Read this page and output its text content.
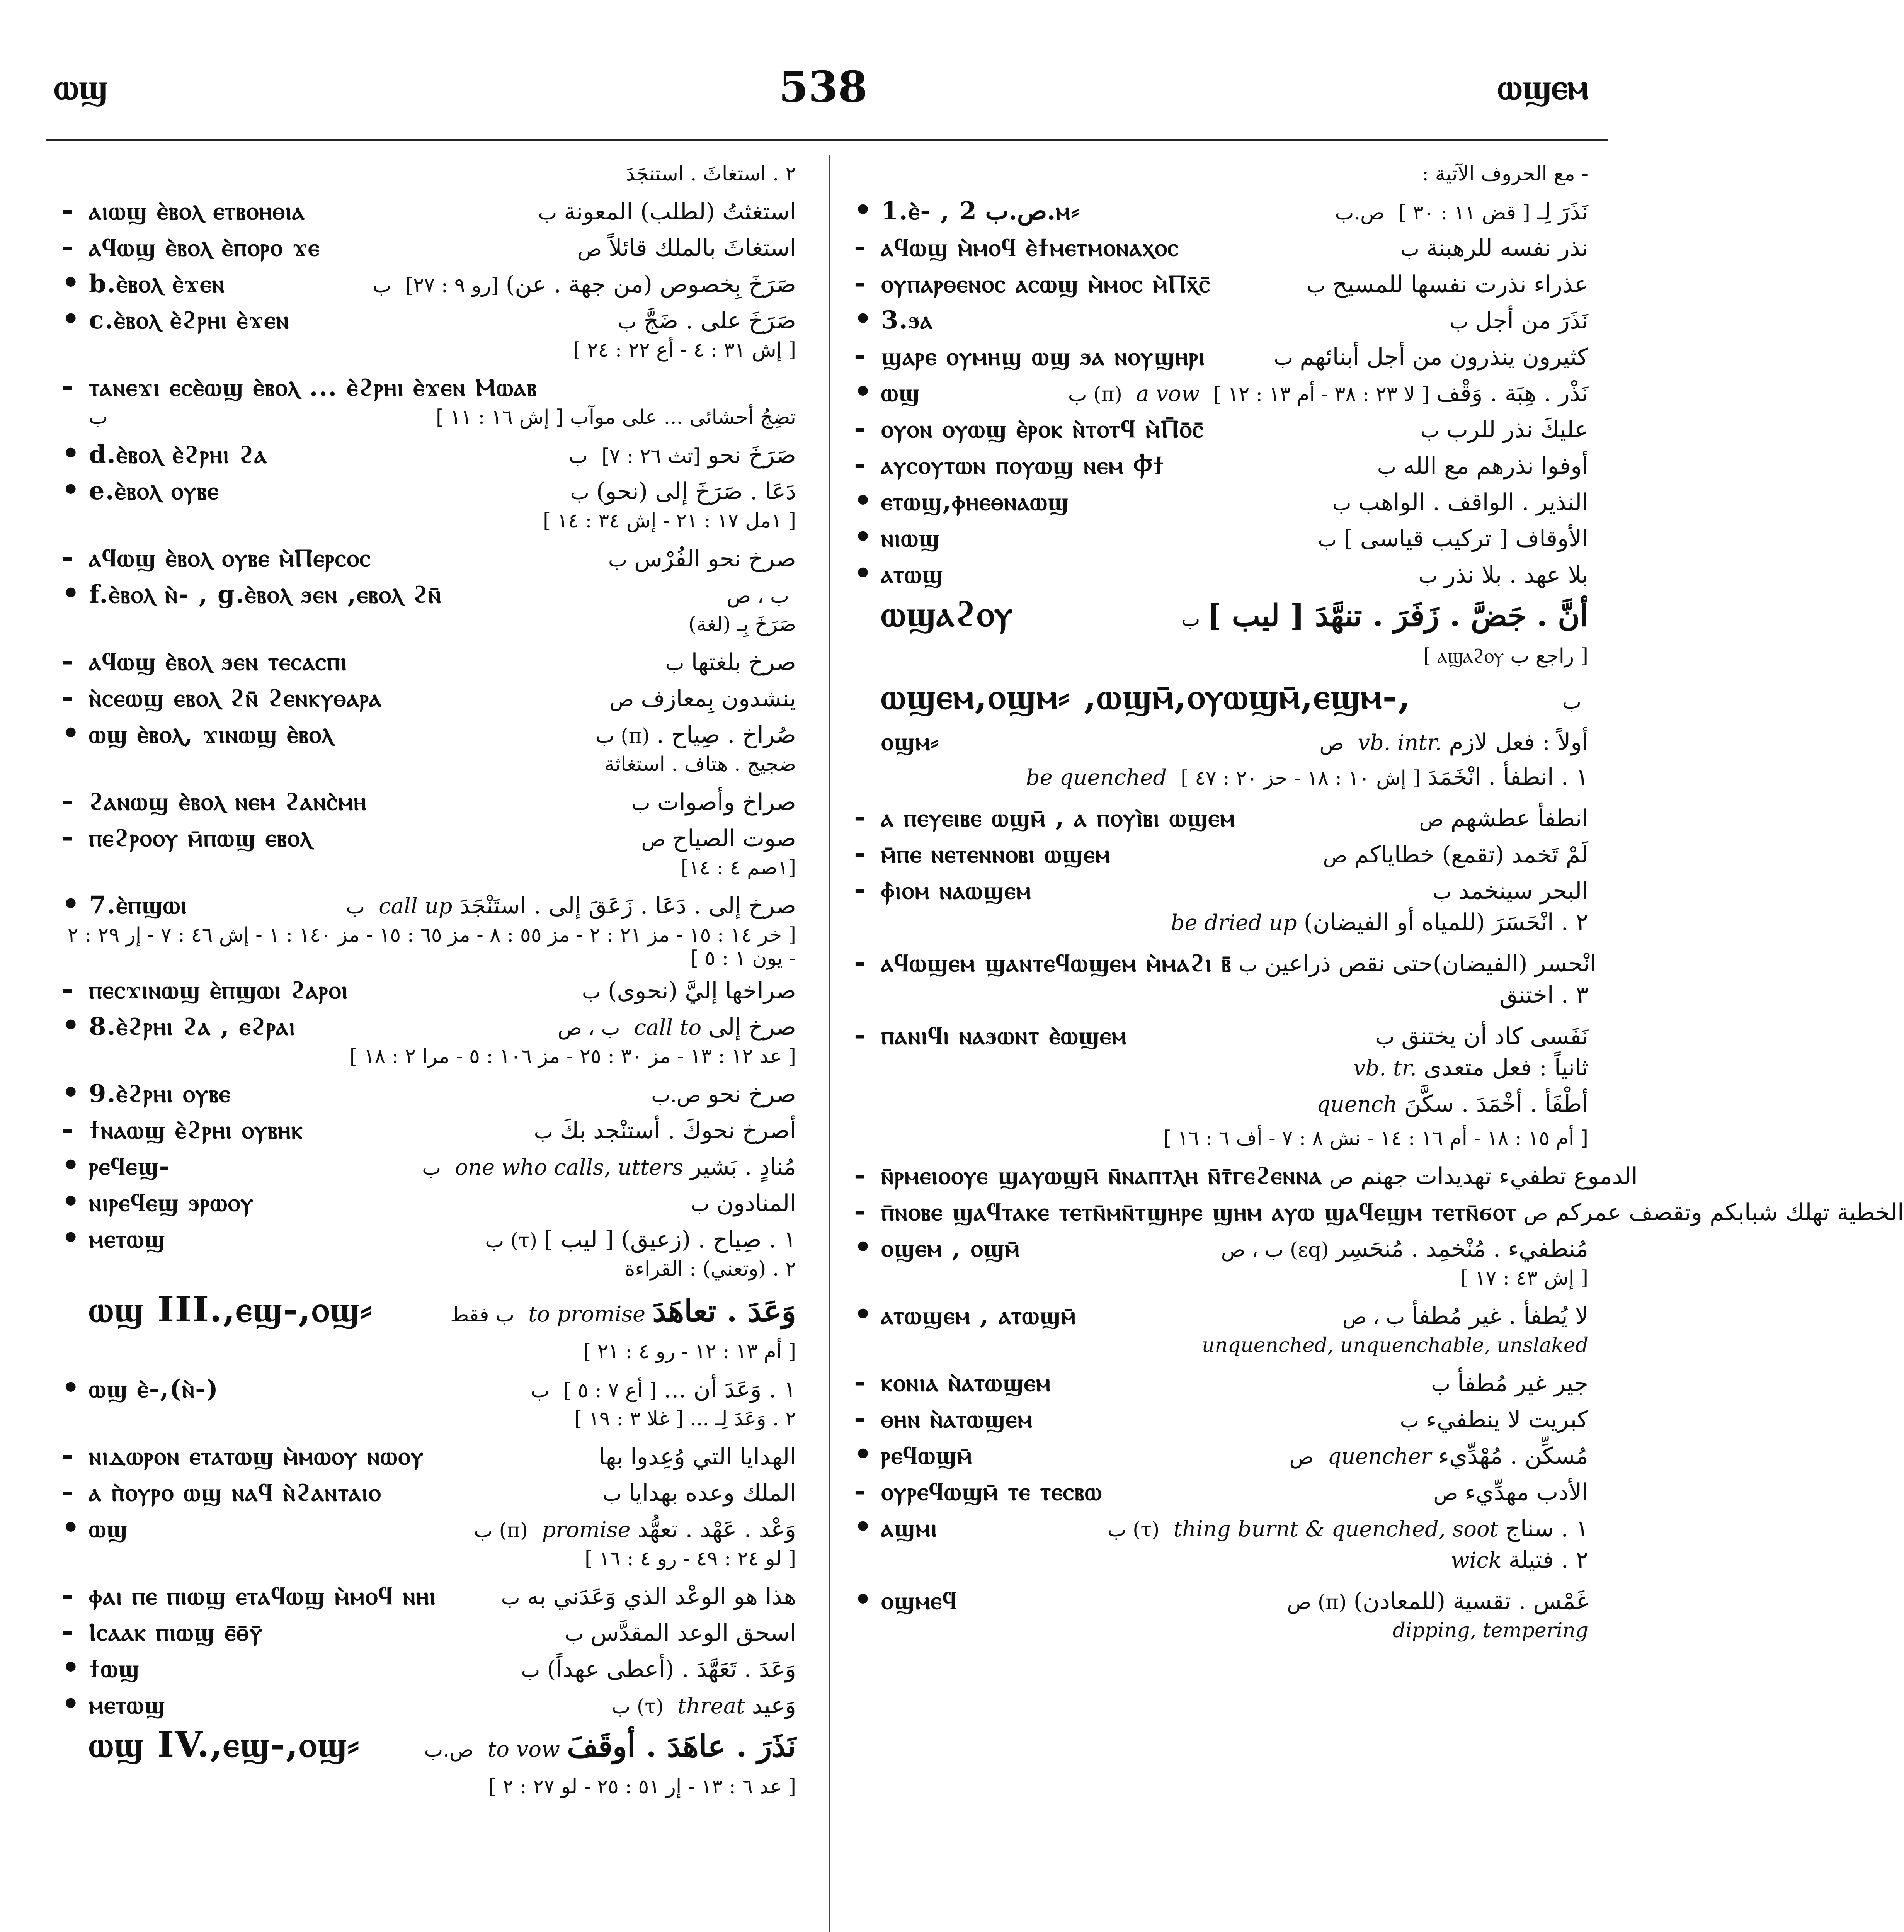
ⲱϣ	538	ⲱϣⲉⲙ
٢ . استغاثَ . استنجَدَ
- ⲁⲓⲱϣ ⲉ̀ⲃⲟⲗ ⲉⲧⲃⲟⲏⲑⲓⲁ	ب استغثتُ (لطلب) المعونة
- ⲁϥⲱϣ ⲉ̀ⲃⲟⲗ ⲉ̀ⲡⲟⲣⲟ ϫⲉ	ص استغاثَ بالملك قائلاً
• b.ⲉ̀ⲃⲟⲗ ⲉ̀ϫⲉⲛ	ب [رو ٩ : ٢٧] صَرَخَ بِخصوص (من جهة . عن)
• c.ⲉ̀ⲃⲟⲗ ⲉ̀ϩⲣⲏⲓ ⲉ̀ϫⲉⲛ	ب صَرَخَ على . ضَجَّ
[ إش ٣١ : ٤ - أع ٢٢ : ٢٤ ]
- ⲧⲁⲛⲉϫⲓ ⲉⲥⲉ̀ⲱϣ ⲉ̀ⲃⲟⲗ ... ⲉ̀ϩⲣⲏⲓ ⲉ̀ϫⲉⲛ Ⲙⲱⲁⲃ
تضِجُ أحشائى ... على موآب [ إش ١٦ : ١١ ]
ب
• d.ⲉ̀ⲃⲟⲗ ⲉ̀ϩⲣⲏⲓ ϩⲁ	ب [تث ٢٦ : ٧] صَرَخَ نحو
• e.ⲉ̀ⲃⲟⲗ ⲟⲩⲃⲉ	ب دَعَا . صَرَخَ إلى (نحو)
[ ١مل ١٧ : ٢١ - إش ٣٤ : ١٤ ]
- ⲁϥⲱϣ ⲉ̀ⲃⲟⲗ ⲟⲩⲃⲉ ⲙ̀Ⲡⲉⲣⲥⲟⲥ	ب صرخ نحو الفُرْس
• f.ⲉ̀ⲃⲟⲗ ⲛ̀- , g.ⲉ̀ⲃⲟⲗ ϧⲉⲛ ,ⲉⲃⲟⲗ ϩⲛ̄	ب ، ص
صَرَخَ بِـ (لغة)
- ⲁϥⲱϣ ⲉ̀ⲃⲟⲗ ϧⲉⲛ ⲧⲉⲥⲁⲥⲡⲓ	ب صرخ بلغتها
- ⲛ̀ⲥⲉⲱϣ ⲉⲃⲟⲗ ϩⲛ̄ ϩⲉⲛⲕⲩⲑⲁⲣⲁ	ص ينشدون بِمعازف
• ⲱϣ ⲉ̀ⲃⲟⲗ, ϫⲓⲛⲱϣ ⲉ̀ⲃⲟⲗ	ب (π) صُراخ . صِياح .
ضجيج . هتاف . استغاثة
- ϩⲁⲛⲱϣ ⲉ̀ⲃⲟⲗ ⲛⲉⲙ ϩⲁⲛⲥ̀ⲙⲏ	ب صراخ وأصوات
- ⲡⲉϩⲣⲟⲟⲩ ⲙ̄ⲡⲱϣ ⲉⲃⲟⲗ	ص صوت الصياح
[١صم ٤ : ١٤]
• 7.ⲉ̀ⲡϣⲱⲓ	ب call up صرخ إلى . دَعَا . زَعَقَ إلى . استَنْجَدَ
[ خر ١٤ : ١٥ - مز ٢١ : ٢ - مز ٥٥ : ٨ - مز ٦٥ : ١٥ - مز ١٤٠ : ١ - إش ٤٦ : ٧ - إر ٢٩ : ٢ - يون ١ : ٥ ]
- ⲡⲉⲥϫⲓⲛⲱϣ ⲉ̀ⲡϣⲱⲓ ϩⲁⲣⲟⲓ	ب صراخها إليَّ (نحوى)
• 8.ⲉ̀ϩⲣⲏⲓ ϩⲁ , ⲉϩⲣⲁⲓ	ب ، ص call to صرخ إلى
[ عد ١٢ : ١٣ - مز ٣٠ : ٢٥ - مز ١٠٦ : ٥ - مرا ٢ : ١٨ ]
• 9.ⲉ̀ϩⲣⲏⲓ ⲟⲩⲃⲉ	ص.ب صرخ نحو
- ϯⲛⲁⲱϣ ⲉ̀ϩⲣⲏⲓ ⲟⲩⲃⲏⲕ	ب أصرخ نحوكَ . أستنْجد بكَ
• ⲣⲉϥⲉϣ-	ب one who calls, utters مُنادٍ . بَشير
• ⲛⲓⲣⲉϥⲉϣ ϧⲣⲱⲟⲩ	ب المنادون
• ⲙⲉⲧⲱϣ	ب (τ) ١ . صِياح . (زعيق) [ ليب ]
٢ . (وتعني) : القراءة
ⲱϣ III.,ⲉϣ-,ⲟϣ⸗	ب فقط to promise وَعَدَ . تعاهَدَ
[ أم ١٣ : ١٢ - رو ٤ : ٢١ ]
• ⲱϣ ⲉ̀-,(ⲛ̀-)	ب [ أع ٧ : ٥ ] ١ . وَعَدَ أن ...
٢ . وَعَدَ لِـ ... [ غلا ٣ : ١٩ ]
- ⲛⲓⲇⲱⲣⲟⲛ ⲉⲧⲁⲧⲱϣ ⲙ̀ⲙⲱⲟⲩ ⲛⲱⲟⲩ	الهدايا التي وُعِدوا بها
- ⲁ ⲡ̀ⲟⲩⲣⲟ ⲱϣ ⲛⲁϥ ⲛ̀ϩⲁⲛⲧⲁⲓⲟ	ب الملك وعده بهدايا
• ⲱϣ	ب (π) promise وَعْد . عَهْد . تعهُّد
[ لو ٢٤ : ٤٩ - رو ٤ : ١٦ ]
- ⲫⲁⲓ ⲡⲉ ⲡⲓⲱϣ ⲉⲧⲁϥⲱϣ ⲙ̀ⲙⲟϥ ⲛⲏⲓ	ب هذا هو الوعْد الذي وَعَدَني به
- Ⲓⲥⲁⲁⲕ ⲡⲓⲱϣ ⲉ̄ⲑ̄ⲩ̄	ب اسحق الوعد المقدَّس
• ϯⲱϣ	ب وَعَدَ . تَعَهَّدَ . (أعطى عهداً)
• ⲙⲉⲧⲱϣ	ب (τ) threat وَعيد
ⲱϣ IV.,ⲉϣ-,ⲟϣ⸗	ص.ب to vow نَذَرَ . عاهَدَ . أوقَفَ
[ عد ٦ : ١٣ - إر ٥١ : ٢٥ - لو ٢٧ : ٢ ]
- مع الحروف الآتية :
• 1.ⲉ̀- , ص.ب 2.ⲙ⸗	ص.ب [ قض ١١ : ٣٠ ] نَذَرَ لِـ
- ⲁϥⲱϣ ⲙ̀ⲙⲟϥ ⲉ̀ϯⲙⲉⲧⲙⲟⲛⲁⲭⲟⲥ	ب نذر نفسه للرهبنة
- ⲟⲩⲡⲁⲣⲑⲉⲛⲟⲥ ⲁⲥⲱϣ ⲙ̀ⲙⲟⲥ ⲙ̀Ⲡⲭ̄ⲥ̄	ب عذراء نذرت نفسها للمسيح
• 3.ϧⲁ	ب نَذَرَ من أجل
- ϣⲁⲣⲉ ⲟⲩⲙⲏϣ ⲱϣ ϧⲁ ⲛⲟⲩϣⲏⲣⲓ	ب كثيرون ينذرون من أجل أبنائهم
• ⲱϣ	ب (π) a vow [ لا ٢٣ : ٣٨ - أم ١٣ : ١٢ ] نَذْر . هِبَة . وَقْف
- ⲟⲩⲟⲛ ⲟⲩⲱϣ ⲉ̀ⲣⲟⲕ ⲛ̀ⲧⲟⲧϥ ⲙ̀Ⲡ̄ⲟ̄ⲥ̄	ب عليكَ نذر للرب
- ⲁⲩⲥⲟⲩⲧⲱⲛ ⲡⲟⲩⲱϣ ⲛⲉⲙ Ⲫ̄ϯ	ب أوفوا نذرهم مع الله
• ⲉⲧⲱϣ,ⲫⲏⲉⲑⲛⲁⲱϣ	ب النذير . الواقف . الواهب
• ⲛⲓⲱϣ	ب الأوقاف [ تركيب قياسى ]
• ⲁⲧⲱϣ	ب بلا عهد . بلا نذر
ⲱϣⲁϩⲟⲩ	ب أنَّ . جَضَّ . زَفَرَ . تنهَّدَ [ ليب ]
[ راجع ب ⲁϣⲁϩⲟⲩ ]
ⲱϣⲉⲙ,ⲟϣⲙ⸗ ,ⲱϣⲙ̄,ⲟⲩⲱϣⲙ̄,ⲉϣⲙ-,	ب
ⲟϣⲙ⸗	ص vb. intr. أولاً : فعل لازم
be quenched [ إش ١٠ : ١٨ - حز ٢٠ : ٤٧ ] ١ . انطفأ . انْخَمَدَ
- ⲁ ⲡⲉⲩⲉⲓⲃⲉ ⲱϣⲙ̄ , ⲁ ⲡⲟⲩⲓ̀ⲃⲓ ⲱϣⲉⲙ	ص انطفأ عطشهم
- ⲙ̄ⲡⲉ ⲛⲉⲧⲉⲛⲛⲟⲃⲓ ⲱϣⲉⲙ	ص لَمْ تَخمد (تقمع) خطاياكم
- ⲫ̀ⲓⲟⲙ ⲛⲁⲱϣⲉⲙ	ب البحر سينخمد
be dried up ٢ . انْحَسَرَ (للمياه أو الفيضان)
- ⲁϥⲱϣⲉⲙ ϣⲁⲛⲧⲉϥⲱϣⲉⲙ ⲙ̀ⲙⲁϩⲓ ⲃ̄ ب انْحسر (الفيضان)حتى نقص ذراعين
٣ . اختنق
- ⲡⲁⲛⲓϥⲓ ⲛⲁϧⲱⲛⲧ ⲉ̀ⲱϣⲉⲙ	ب نَفَسى كاد أن يختنق
vb. tr. ثانياً : فعل متعدى
quench أطْفَأ . أخْمَدَ . سكَّنَ
[ أم ١٥ : ١٨ - أم ١٦ : ١٤ - نش ٨ : ٧ - أف ٦ : ١٦ ]
- ⲛ̄ⲣⲙⲉⲓⲟⲟⲩⲉ ϣⲁⲩⲱϣⲙ̄ ⲛ̄ⲛⲁⲡⲧⲗⲏ ⲛ̄ⲧ̄ⲅⲉϩⲉⲛⲛⲁ ص الدموع تطفيء تهديدات جهنم
- ⲡ̄ⲛⲟⲃⲉ ϣⲁϥⲧⲁⲕⲉ ⲧⲉⲧⲛ̄ⲙⲛ̄ⲧϣⲏⲣⲉ ϣⲏⲙ ⲁⲩⲱ ϣⲁϥⲉϣⲙ ⲧⲉⲧⲛ̄ϭⲟⲧ ص الخطية تهلك شبابكم وتقصف عمركم
• ⲟϣⲉⲙ , ⲟϣⲙ̄	ب ، ص (εq) مُنطفيء . مُنْخمِد . مُنحَسِر
[ إش ٤٣ : ١٧ ]
• ⲁⲧⲱϣⲉⲙ , ⲁⲧⲱϣⲙ̄	ب ، ص لا يُطفأ . غير مُطفأ
unquenched, unquenchable, unslaked
- ⲕⲟⲛⲓⲁ ⲛ̀ⲁⲧⲱϣⲉⲙ	ب جير غير مُطفأ
- ⲑⲏⲛ ⲛ̀ⲁⲧⲱϣⲉⲙ	ب كبريت لا ينطفيء
• ⲣⲉϥⲱϣⲙ̄	ص quencher مُسكِّن . مُهْدِّيء
- ⲟⲩⲣⲉϥⲱϣⲙ̄ ⲧⲉ ⲧⲉⲥⲃⲱ	ص الأدب مهدِّيء
• ⲁϣⲙⲓ	ب (τ) thing burnt & quenched, soot ١ . سناج
wick ٢ . فتيلة
• ⲟϣⲙⲉϥ	ص (π) غَمْس . تقسية (للمعادن)
dipping, tempering
